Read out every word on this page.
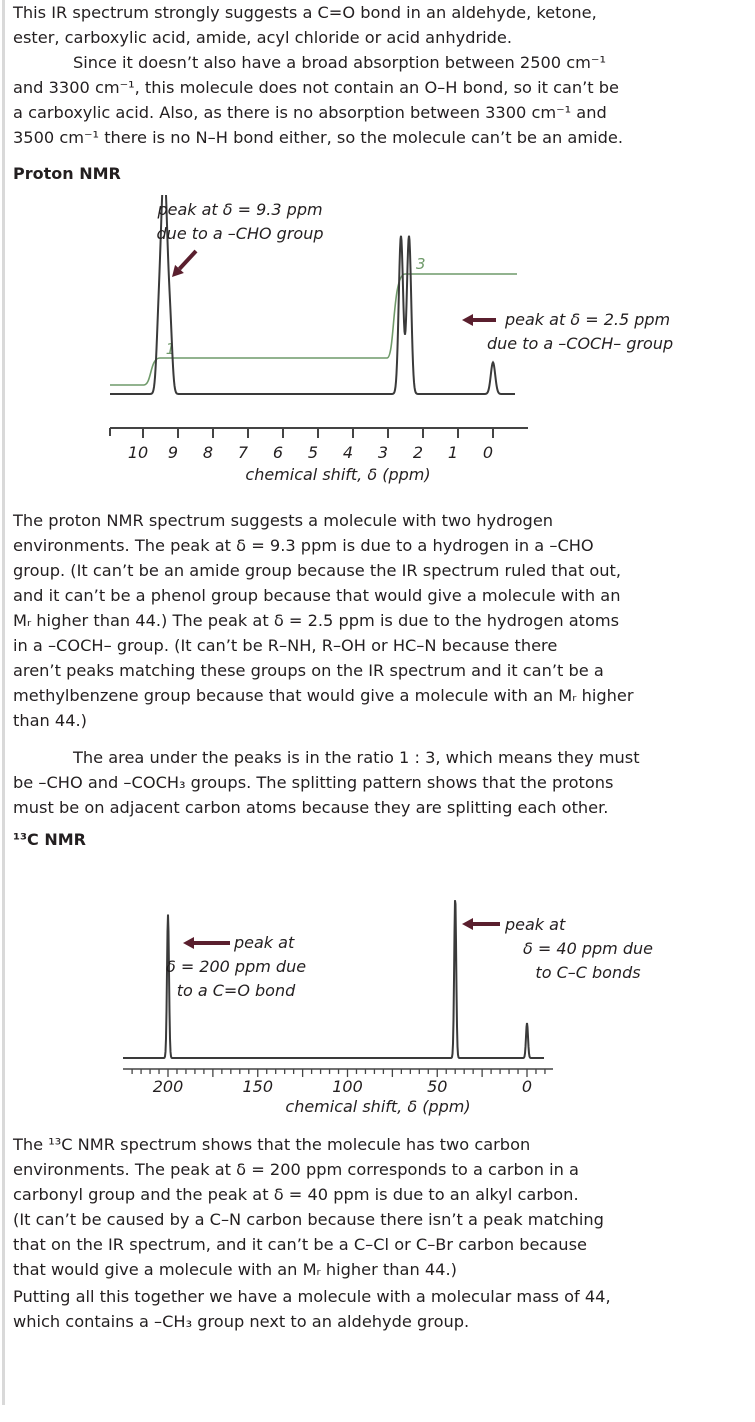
This IR spectrum strongly suggests a C=O bond in an aldehyde, ketone,
ester, carboxylic acid, amide, acyl chloride or acid anhydride.
Since it doesn’t also have a broad absorption between 2500 cm⁻¹
and 3300 cm⁻¹, this molecule does not contain an O–H bond, so it can’t be
a carboxylic acid. Also, as there is no absorption between 3300 cm⁻¹ and
3500 cm⁻¹ there is no N–H bond either, so the molecule can’t be an amide.
Proton NMR
1
3
10 9 8 7 6 5 4 3 2 1 0
chemical shift, δ (ppm)
peak at δ = 9.3 ppm
due to a –CHO group
peak at δ = 2.5 ppm
due to a –COCH– group
The proton NMR spectrum suggests a molecule with two hydrogen
environments. The peak at δ = 9.3 ppm is due to a hydrogen in a –CHO
group. (It can’t be an amide group because the IR spectrum ruled that out,
and it can’t be a phenol group because that would give a molecule with an
Mᵣ higher than 44.) The peak at δ = 2.5 ppm is due to the hydrogen atoms
in a –COCH– group. (It can’t be R–NH, R–OH or HC–N because there
aren’t peaks matching these groups on the IR spectrum and it can’t be a
methylbenzene group because that would give a molecule with an Mᵣ higher
than 44.)
The area under the peaks is in the ratio 1 : 3, which means they must
be –CHO and –COCH₃ groups. The splitting pattern shows that the protons
must be on adjacent carbon atoms because they are splitting each other.
¹³C NMR
200	150	100	50	0
chemical shift, δ (ppm)
peak at
δ = 200 ppm due
to a C=O bond
peak at
δ = 40 ppm due
to C–C bonds
The ¹³C NMR spectrum shows that the molecule has two carbon
environments. The peak at δ = 200 ppm corresponds to a carbon in a
carbonyl group and the peak at δ = 40 ppm is due to an alkyl carbon.
(It can’t be caused by a C–N carbon because there isn’t a peak matching
that on the IR spectrum, and it can’t be a C–Cl or C–Br carbon because
that would give a molecule with an Mᵣ higher than 44.)
Putting all this together we have a molecule with a molecular mass of 44,
which contains a –CH₃ group next to an aldehyde group.
